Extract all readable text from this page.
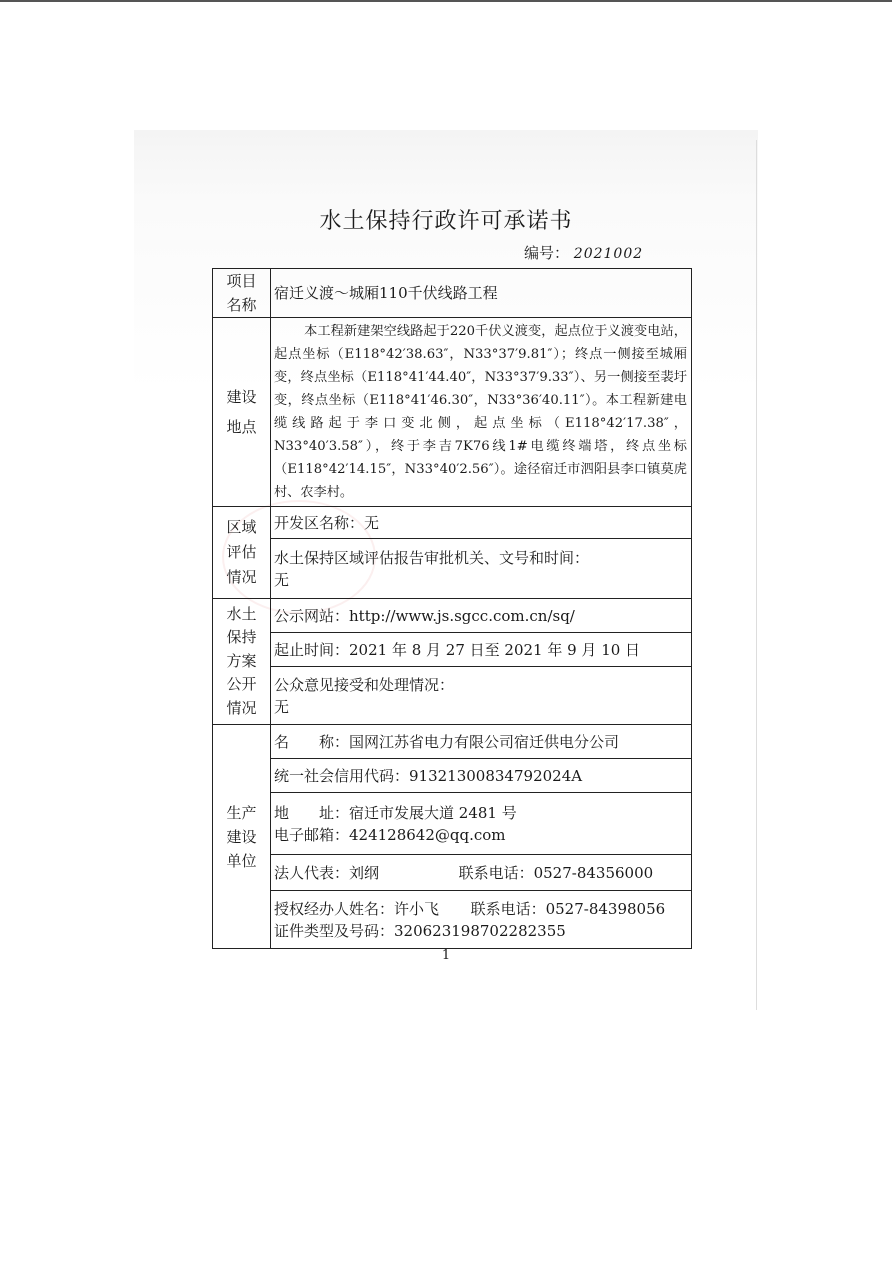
水土保持行政许可承诺书
编号： 2021002
项目名称	宿迁义渡～城厢110千伏线路工程
建设地点	本工程新建架空线路起于220千伏义渡变，起点位于义渡变电站，起点坐标（E118°42′38.63″，N33°37′9.81″）；终点一侧接至城厢变，终点坐标（E118°41′44.40″，N33°37′9.33″）、另一侧接至裴圩变，终点坐标（E118°41′46.30″，N33°36′40.11″）。本工程新建电缆线路起于李口变北侧，起点坐标（E118°42′17.38″，N33°40′3.58″），终于李吉7K76线1#电缆终端塔，终点坐标（E118°42′14.15″，N33°40′2.56″）。途径宿迁市泗阳县李口镇莫虎村、农李村。
区域评估情况	开发区名称：无

	水土保持区域评估报告审批机关、文号和时间：
无

水土保持方案公开情况	公示网站：http://www.js.sgcc.com.cn/sq/
	起止时间：2021 年 8 月 27 日至 2021 年 9 月 10 日

	公众意见接受和处理情况：
无

生产建设单位	名　　称：国网江苏省电力有限公司宿迁供电分公司
	统一社会信用代码：91321300834792024A

	地　　址：宿迁市发展大道 2481 号
电子邮箱：424128642@qq.com

	法人代表：刘纲 联系电话：0527-84356000

	授权经办人姓名：许小飞 联系电话：0527-84398056
证件类型及号码：320623198702282355
1
